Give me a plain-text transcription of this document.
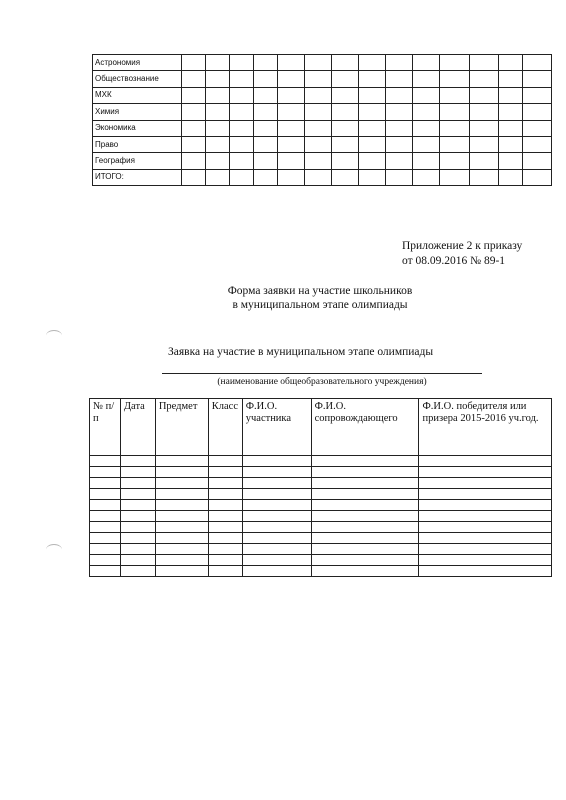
Астрономия														
Обществознание														
МХК														
Химия														
Экономика														
Право														
География														
ИТОГО:														
Приложение 2 к приказу
от 08.09.2016 № 89-1
Форма заявки на участие школьников
в муниципальном этапе олимпиады
Заявка на участие в муниципальном этапе олимпиады
(наименование общеобразовательного учреждения)
№ п/п	Дата	Предмет	Класс	Ф.И.О. участника	Ф.И.О. сопровождающего	Ф.И.О. победителя или призера 2015-2016 уч.год.
